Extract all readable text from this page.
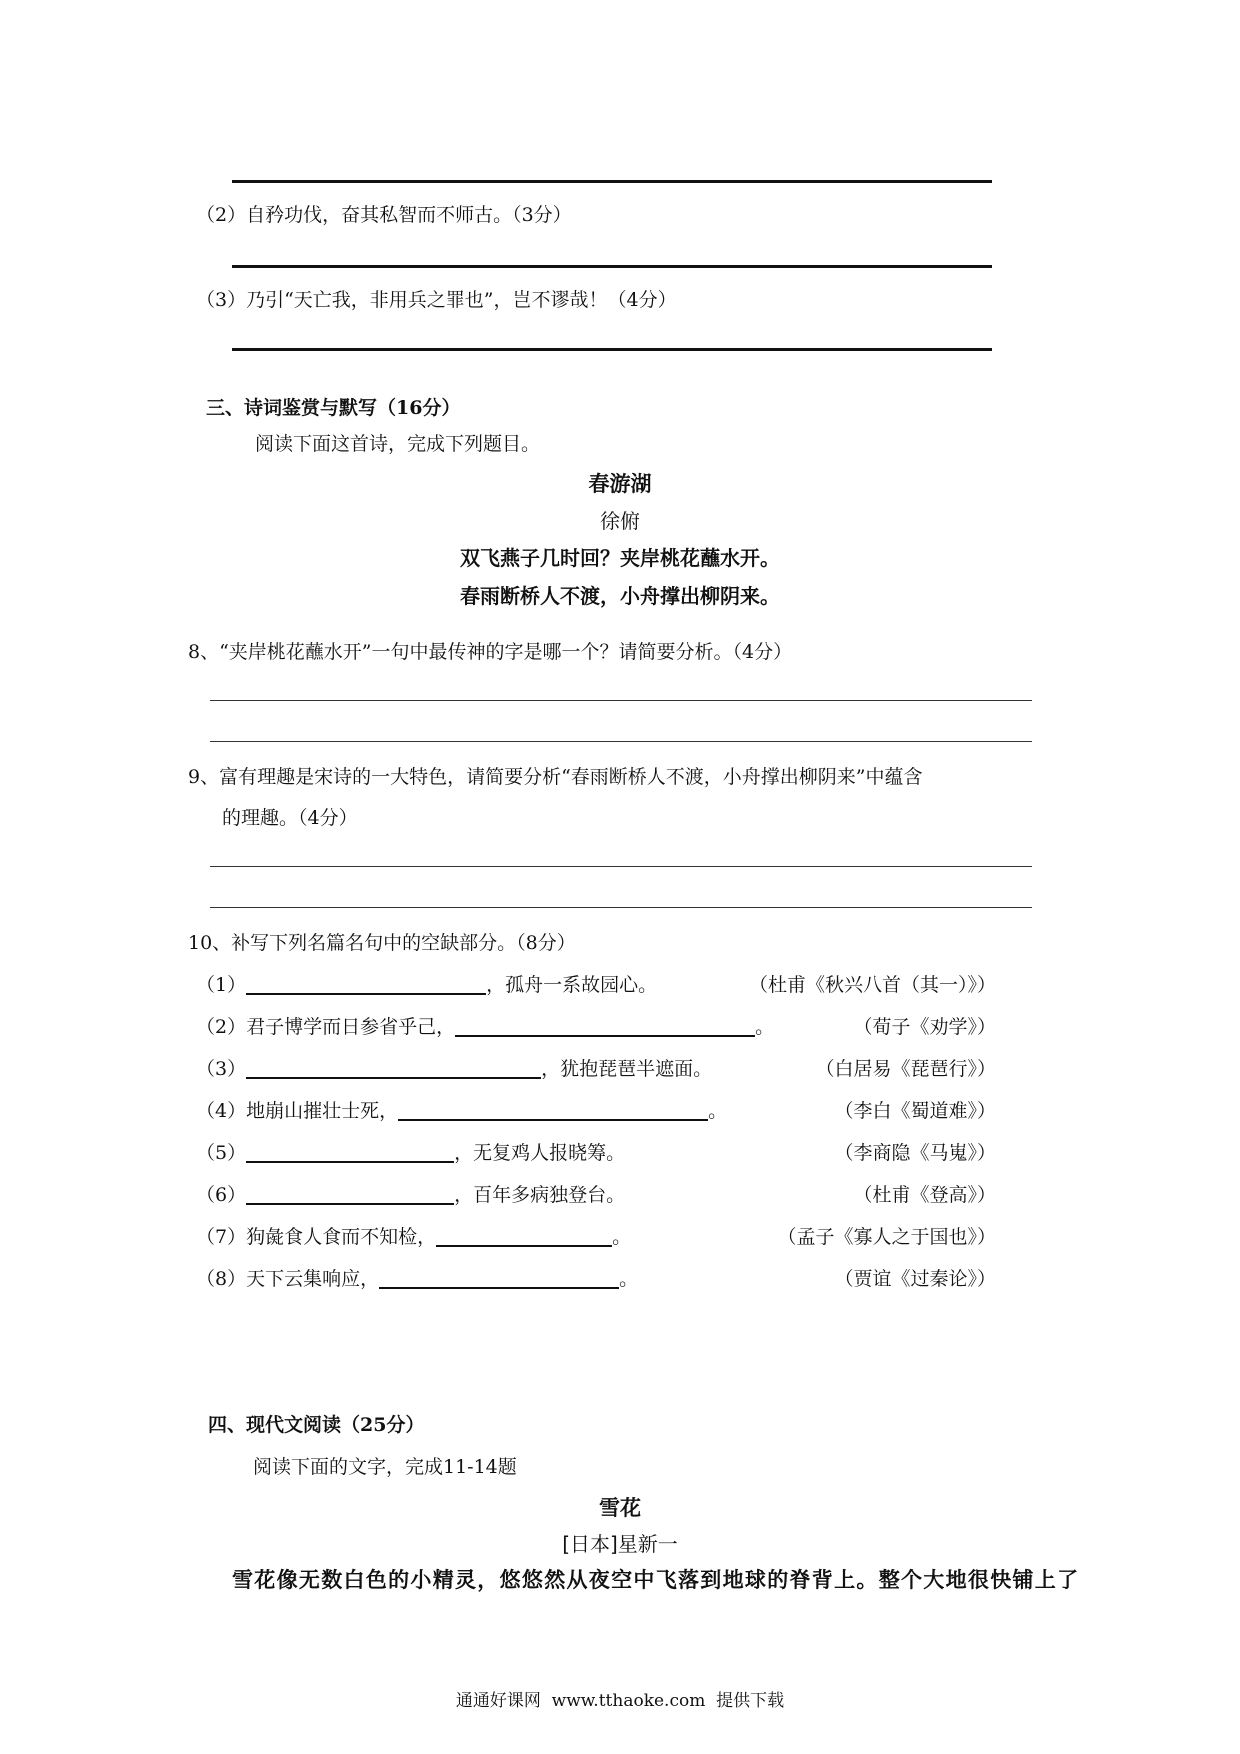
（2）自矜功伐，奋其私智而不师古。（3分）
（3）乃引“天亡我，非用兵之罪也”，岂不谬哉！（4分）
三、诗词鉴赏与默写（16分）
阅读下面这首诗，完成下列题目。
春游湖
徐俯
双飞燕子几时回？夹岸桃花蘸水开。
春雨断桥人不渡，小舟撑出柳阴来。
8、“夹岸桃花蘸水开”一句中最传神的字是哪一个？请简要分析。（4分）
9、富有理趣是宋诗的一大特色，请简要分析“春雨断桥人不渡，小舟撑出柳阴来”中蕴含
的理趣。（4分）
10、补写下列名篇名句中的空缺部分。（8分）
（1）	，孤舟一系故园心。	（杜甫《秋兴八首（其一）》）
（2）君子博学而日参省乎己，	。	（荀子《劝学》）
（3）	，犹抱琵琶半遮面。	（白居易《琵琶行》）
（4）地崩山摧壮士死，	。	（李白《蜀道难》）
（5）	，无复鸡人报晓筹。	（李商隐《马嵬》）
（6）	，百年多病独登台。	（杜甫《登高》）
（7）狗彘食人食而不知检，	。	（孟子《寡人之于国也》）
（8）天下云集响应，	。	（贾谊《过秦论》）
四、现代文阅读（25分）
阅读下面的文字，完成11-14题
雪花
[日本]星新一
雪花像无数白色的小精灵，悠悠然从夜空中飞落到地球的脊背上。整个大地很快铺上了
通通好课网  www.tthaoke.com  提供下载
